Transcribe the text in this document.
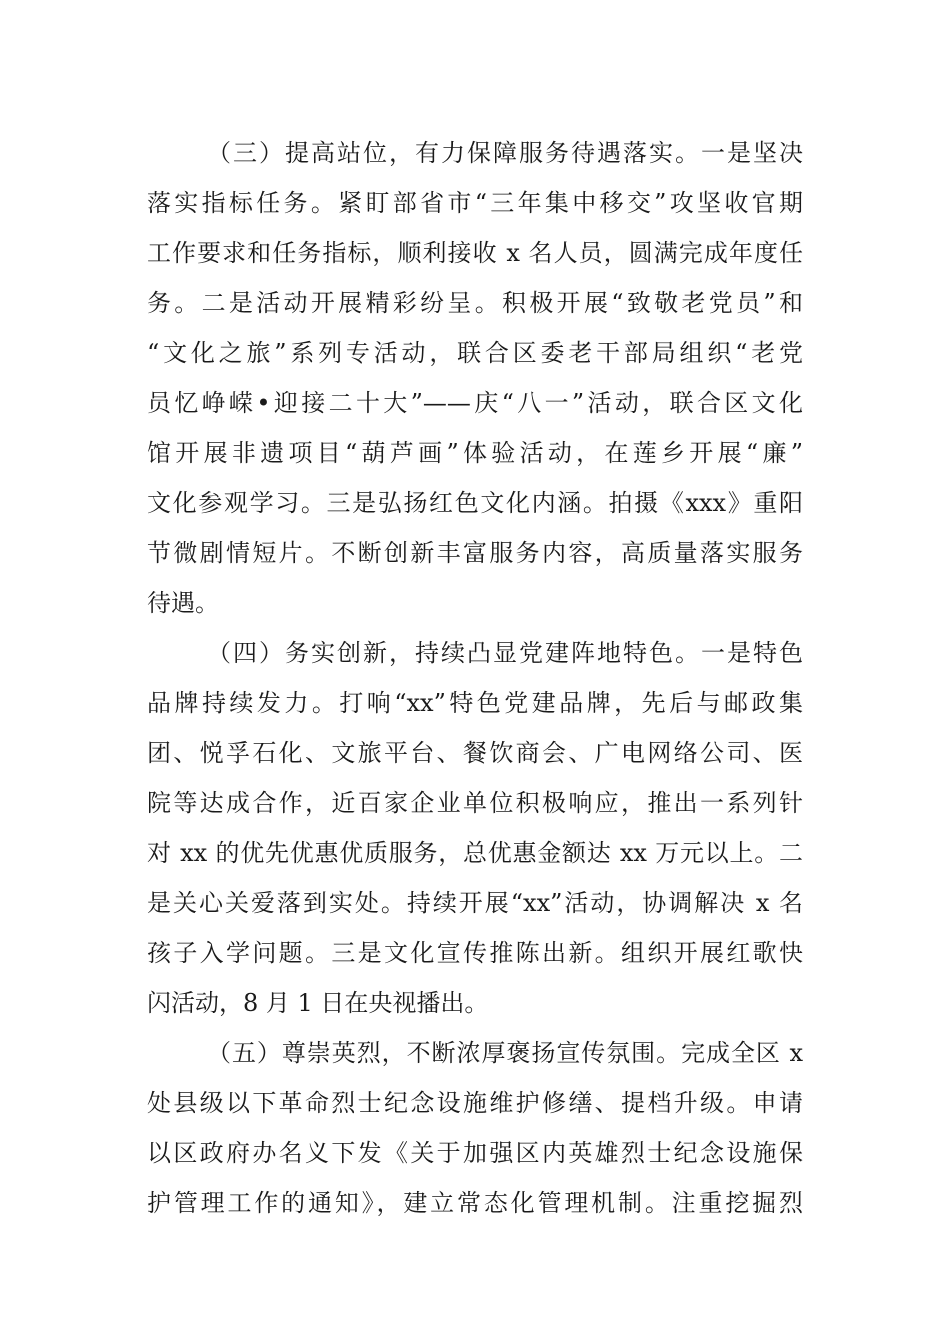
（三）提高站位，有力保障服务待遇落实。一是坚决
落实指标任务。紧盯部省市“三年集中移交”攻坚收官期
工作要求和任务指标，顺利接收 x 名人员，圆满完成年度任
务。二是活动开展精彩纷呈。积极开展“致敬老党员”和
“文化之旅”系列专活动，联合区委老干部局组织“老党
员忆峥嵘•迎接二十大”——庆“八一”活动，联合区文化
馆开展非遗项目“葫芦画”体验活动，在莲乡开展“廉”
文化参观学习。三是弘扬红色文化内涵。拍摄《xxx》重阳
节微剧情短片。不断创新丰富服务内容，高质量落实服务
待遇。
（四）务实创新，持续凸显党建阵地特色。一是特色
品牌持续发力。打响“xx”特色党建品牌，先后与邮政集
团、悦孚石化、文旅平台、餐饮商会、广电网络公司、医
院等达成合作，近百家企业单位积极响应，推出一系列针
对 xx 的优先优惠优质服务，总优惠金额达 xx 万元以上。二
是关心关爱落到实处。持续开展“xx”活动，协调解决 x 名
孩子入学问题。三是文化宣传推陈出新。组织开展红歌快
闪活动，8 月 1 日在央视播出。
（五）尊崇英烈，不断浓厚褒扬宣传氛围。完成全区 x
处县级以下革命烈士纪念设施维护修缮、提档升级。申请
以区政府办名义下发《关于加强区内英雄烈士纪念设施保
护管理工作的通知》，建立常态化管理机制。注重挖掘烈
